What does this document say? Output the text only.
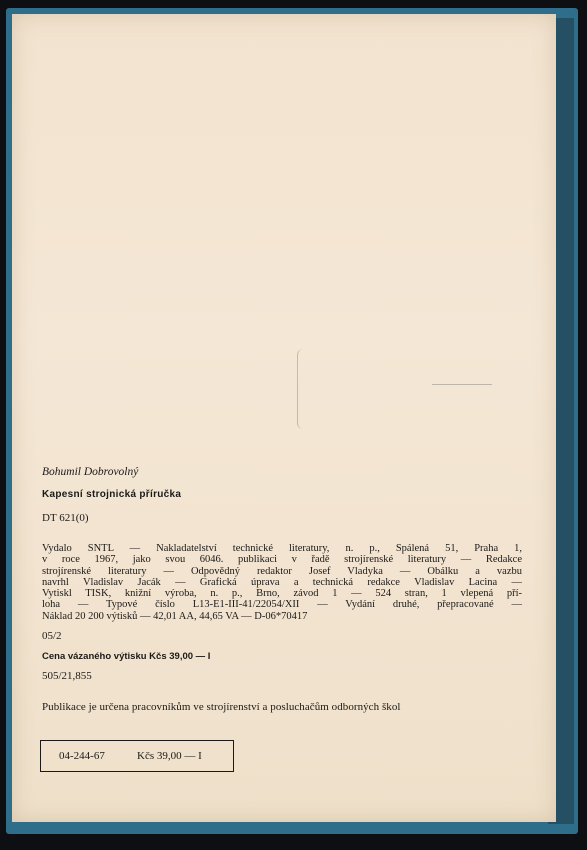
Bohumil Dobrovolný
Kapesní strojnická příručka
DT 621(0)
Vydalo SNTL — Nakladatelství technické literatury, n. p., Spálená 51, Praha 1,
v roce 1967, jako svou 6046. publikaci v řadě strojírenské literatury — Redakce
strojírenské literatury — Odpovědný redaktor Josef Vladyka — Obálku a vazbu
navrhl Vladislav Jacák — Grafická úprava a technická redakce Vladislav Lacina —
Vytiskl TISK, knižní výroba, n. p., Brno, závod 1 — 524 stran, 1 vlepená pří-
loha — Typové číslo L13-E1-III-41/22054/XII — Vydání druhé, přepracované —
Náklad 20 200 výtisků — 42,01 AA, 44,65 VA — D-06*70417
05/2
Cena vázaného výtisku Kčs 39,00 — I
505/21,855
Publikace je určena pracovníkům ve strojírenství a posluchačům odborných škol
04-244-67	Kčs 39,00 — I
